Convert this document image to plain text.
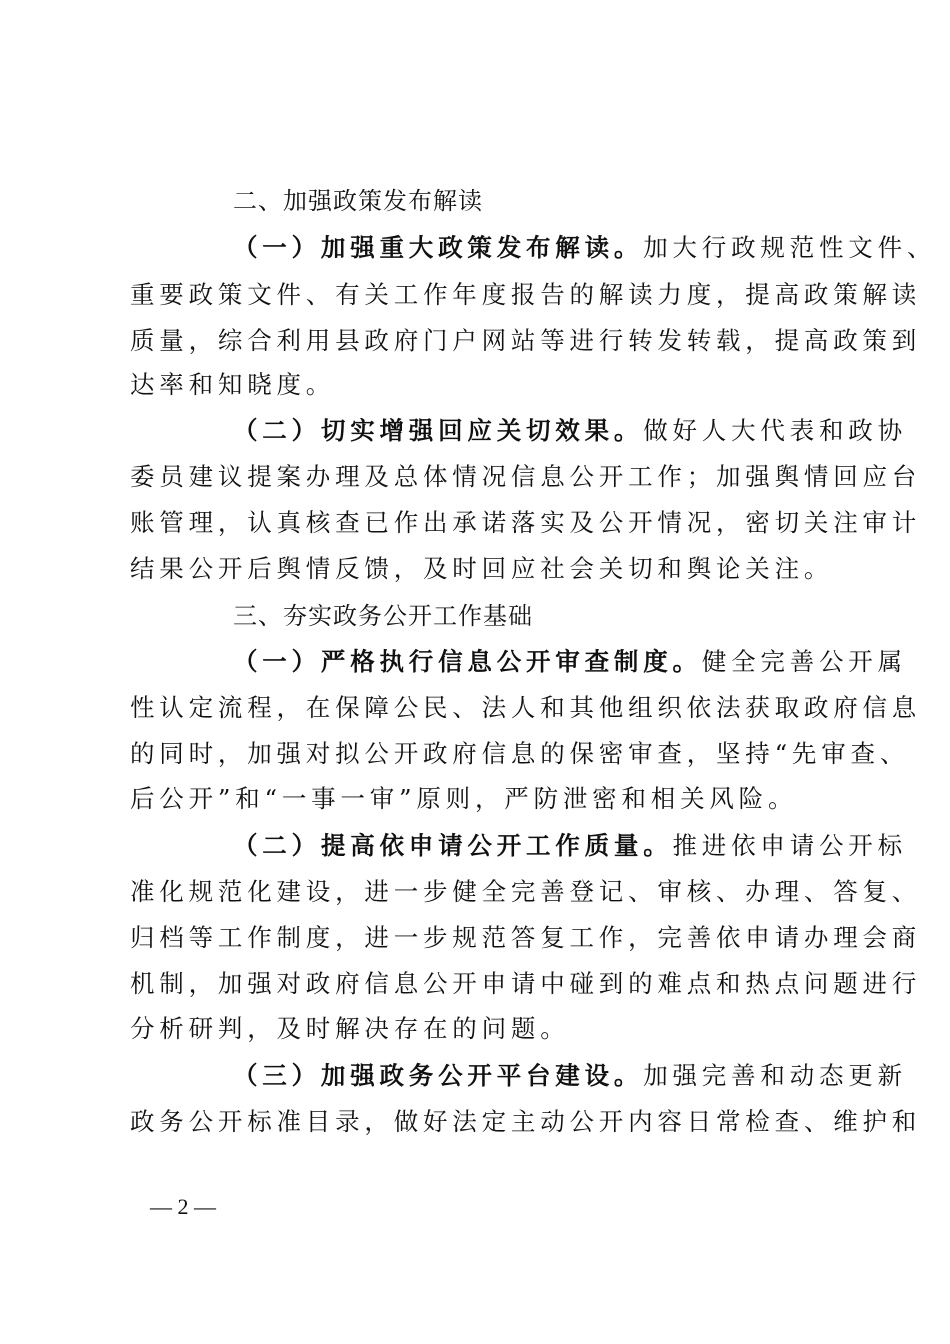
二、加强政策发布解读
（一）加强重大政策发布解读。加大行政规范性文件、
重要政策文件、有关工作年度报告的解读力度，提高政策解读
质量，综合利用县政府门户网站等进行转发转载，提高政策到
达率和知晓度。
（二）切实增强回应关切效果。做好人大代表和政协
委员建议提案办理及总体情况信息公开工作；加强舆情回应台
账管理，认真核查已作出承诺落实及公开情况，密切关注审计
结果公开后舆情反馈，及时回应社会关切和舆论关注。
三、夯实政务公开工作基础
（一）严格执行信息公开审查制度。健全完善公开属
性认定流程，在保障公民、法人和其他组织依法获取政府信息
的同时，加强对拟公开政府信息的保密审查，坚持“先审查、
后公开”和“一事一审”原则，严防泄密和相关风险。
（二）提高依申请公开工作质量。推进依申请公开标
准化规范化建设，进一步健全完善登记、审核、办理、答复、
归档等工作制度，进一步规范答复工作，完善依申请办理会商
机制，加强对政府信息公开申请中碰到的难点和热点问题进行
分析研判，及时解决存在的问题。
（三）加强政务公开平台建设。加强完善和动态更新
政务公开标准目录，做好法定主动公开内容日常检查、维护和
— 2 —
